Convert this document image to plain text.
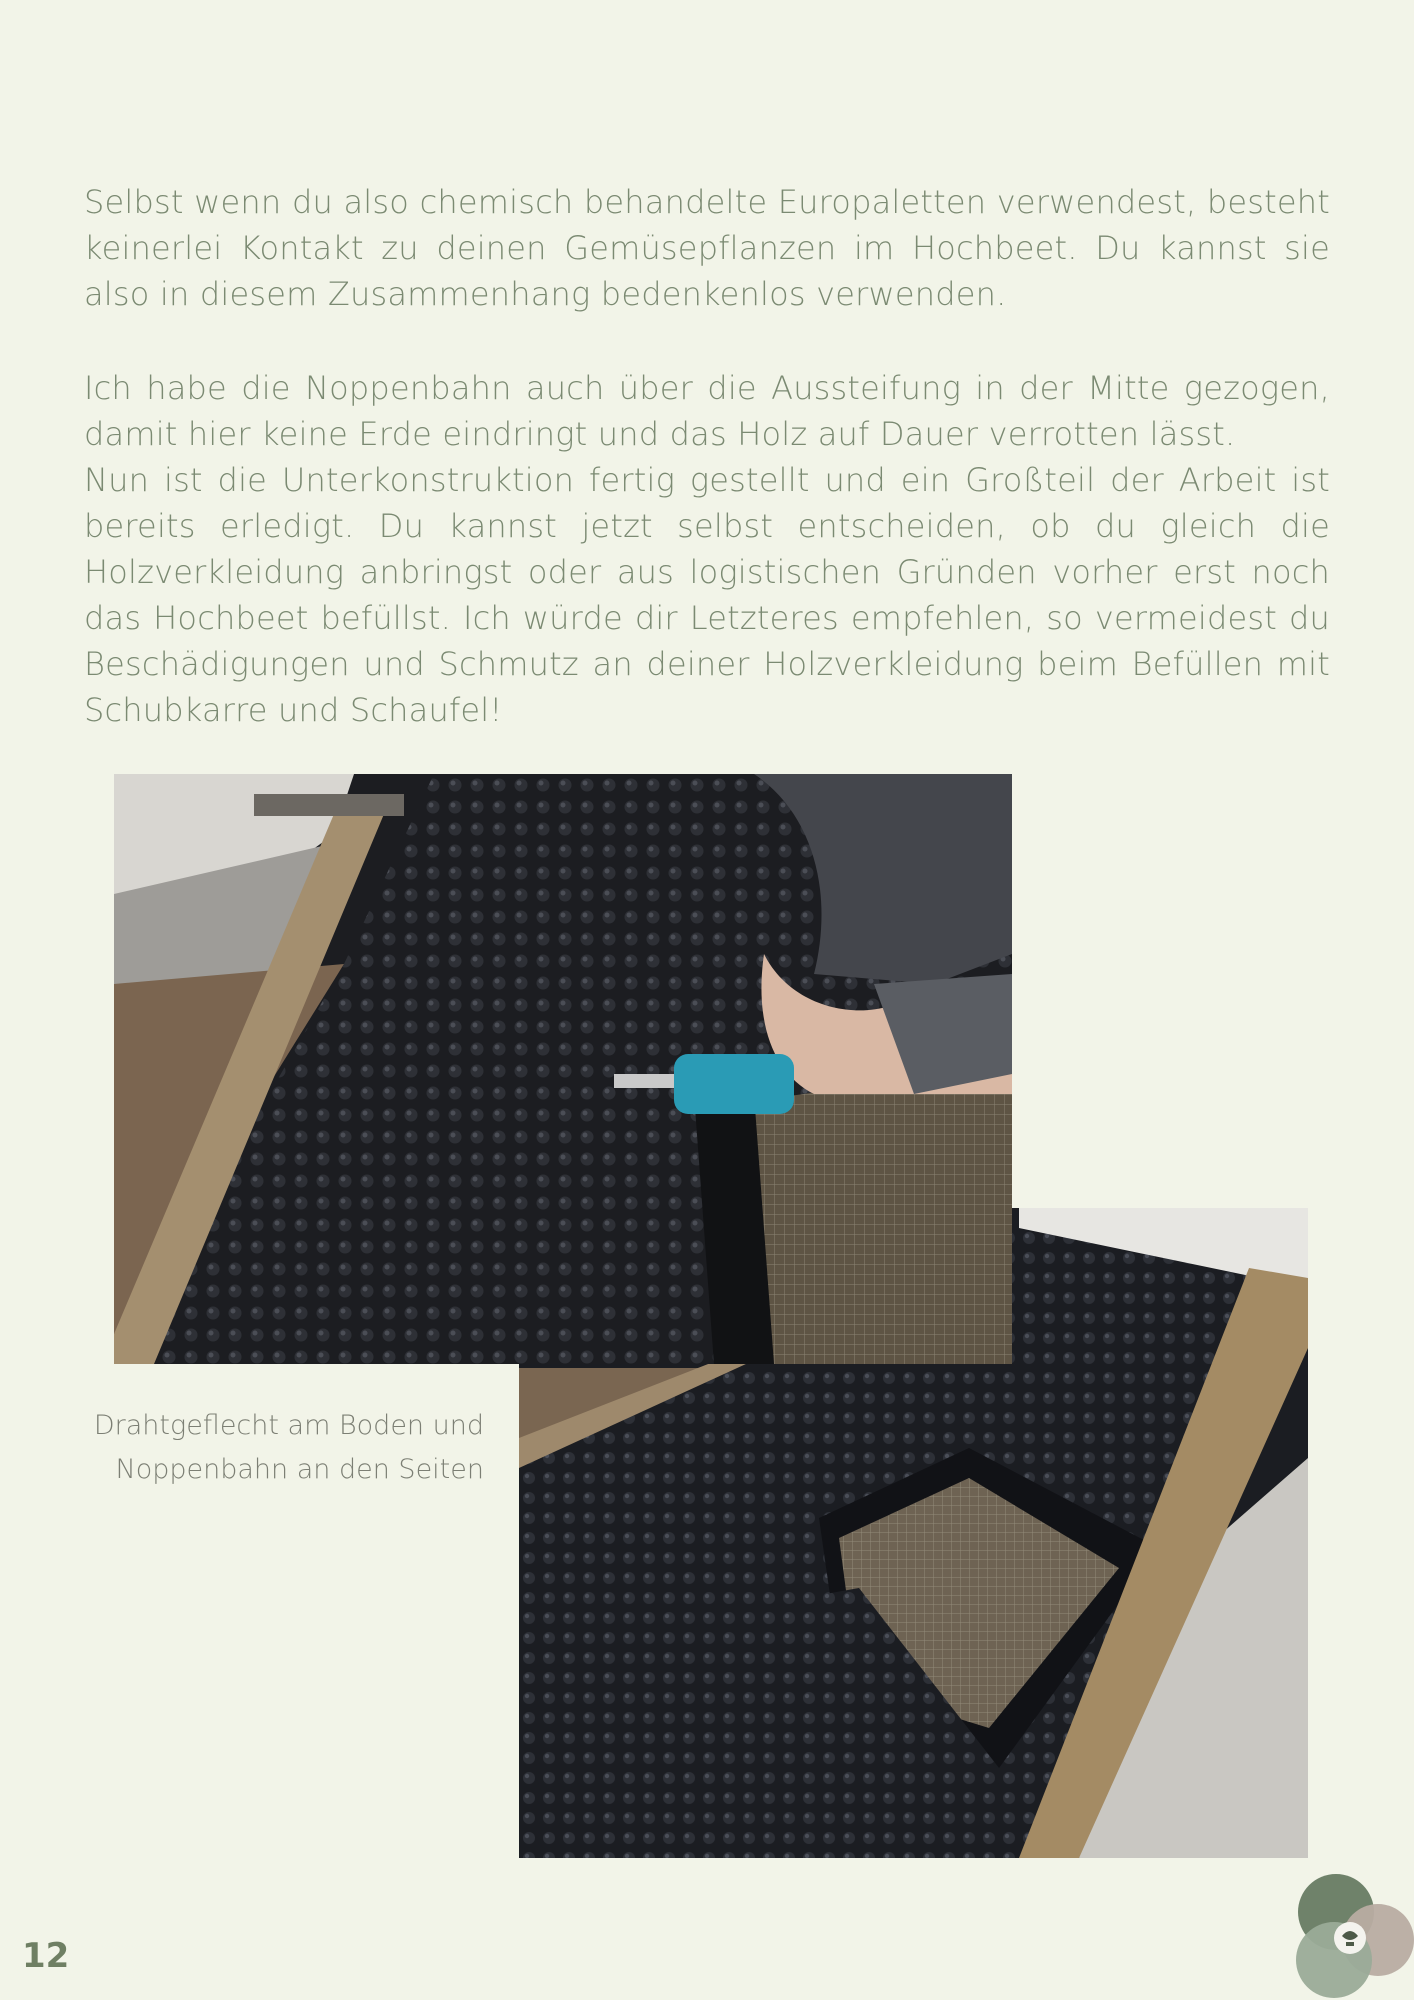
Selbst wenn du also chemisch behandelte Europaletten verwendest, besteht keinerlei Kontakt zu deinen Gemüsepflanzen im Hochbeet. Du kannst sie also in diesem Zusammenhang bedenkenlos verwenden.

Ich habe die Noppenbahn auch über die Aussteifung in der Mitte gezogen, damit hier keine Erde eindringt und das Holz auf Dauer verrotten lässt.
Nun ist die Unterkonstruktion fertig gestellt und ein Großteil der Arbeit ist bereits erledigt. Du kannst jetzt selbst entscheiden, ob du gleich die Holzverkleidung anbringst oder aus logistischen Gründen vorher erst noch das Hochbeet befüllst. Ich würde dir Letzteres empfehlen, so vermeidest du Beschädigungen und Schmutz an deiner Holzverkleidung beim Befüllen mit Schubkarre und Schaufel!
Drahtgeflecht am Boden und
Noppenbahn an den Seiten
12
